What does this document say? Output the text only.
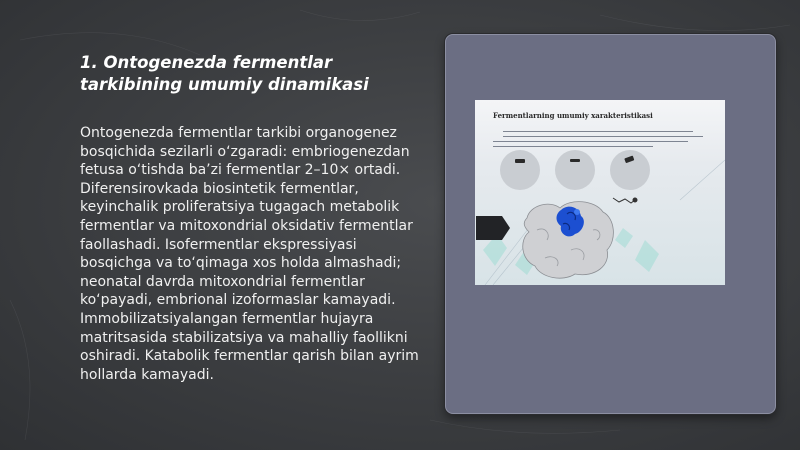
1. Ontogenezda fermentlar tarkibining umumiy dinamikasi
Ontogenezda fermentlar tarkibi organogenez bosqichida sezilarli o‘zgaradi: embriogenezdan fetusa o‘tishda ba’zi fermentlar 2–10× ortadi. Diferensirovkada biosintetik fermentlar, keyinchalik proliferatsiya tugagach metabolik fermentlar va mitoxondrial oksidativ fermentlar faollashadi. Isofermentlar ekspressiyasi bosqichga va to‘qimaga xos holda almashadi; neonatal davrda mitoxondrial fermentlar ko‘payadi, embrional izoformaslar kamayadi. Immobilizatsiyalangan fermentlar hujayra matritsasida stabilizatsiya va mahalliy faollikni oshiradi. Katabolik fermentlar qarish bilan ayrim hollarda kamayadi.
Fermentlarning umumiy xarakteristikasi
